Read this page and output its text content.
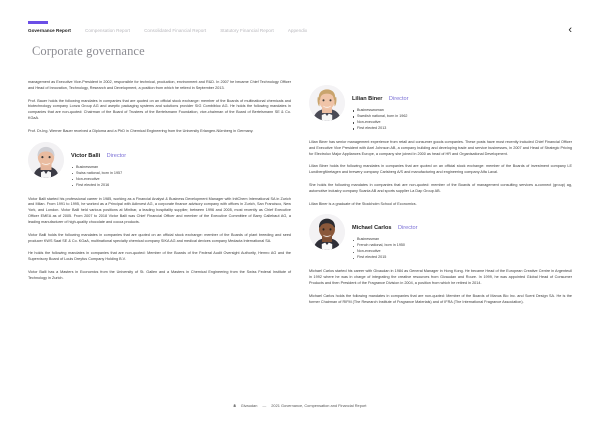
Governance Report	Compensation Report	Consolidated Financial Report	Statutory Financial Report	Appendix	‹
Corporate governance

management as Executive Vice-President in 2002, responsible for technical, production, environment and R&D. In 2007 he became Chief Technology Officer and Head of Innovation, Technology, Research and Development, a position from which he retired in September 2013.

Prof. Bauer holds the following mandates in companies that are quoted on an official stock exchange: member of the Boards of multinational chemicals and biotechnology company Lonza Group AG and aseptic packaging systems and solutions provider SIG Combibloc AG. He holds the following mandates in companies that are non-quoted: Chairman of the Board of Trustees of the Bertelsmann Foundation, vice-chairman of the Board of Bertelsmann SE & Co. KGaA.

Prof. Dr-Ing. Werner Bauer received a Diploma and a PhD in Chemical Engineering from the University Erlangen-Nürnberg in Germany.

Victor Balli Director
Businessman
Swiss national, born in 1957
Non-executive
First elected in 2016

Victor Balli started his professional career in 1985, working as a Financial Analyst & Business Development Manager with InitChem International SA in Zurich and Milan. From 1991 to 1995, he worked as a Principal with Adinvest AG, a corporate finance advisory company with offices in Zurich, San Francisco, New York, and London. Victor Balli held various positions at Minibar, a leading hospitality supplier, between 1996 and 2005, most recently as Chief Executive Officer EMEA as of 2005. From 2007 to 2018 Victor Balli was Chief Financial Officer and member of the Executive Committee of Barry Callebaut AG, a leading manufacturer of high-quality chocolate and cocoa products.

Victor Balli holds the following mandates in companies that are quoted on an official stock exchange: member of the Boards of plant breeding and seed producer KWS Saat SE & Co. KGaA, multinational specialty chemical company SIKA AG and medical devices company Medacta International SA.

He holds the following mandates in companies that are non-quoted: Member of the Boards of the Federal Audit Oversight Authority, Hemro AG and the Supervisory Board of Louis Dreyfus Company Holding B.V.

Victor Balli has a Masters in Economics from the University of St. Gallen and a Masters in Chemical Engineering from the Swiss Federal Institute of Technology in Zurich.

Lilian Biner Director
Businesswoman
Swedish national, born in 1962
Non-executive
First elected 2013

Lilian Biner has senior management experience from retail and consumer goods companies. These posts have most recently included Chief Financial Officer and Executive Vice President with Axel Johnson AB, a company building and developing trade and service businesses, in 2007 and Head of Strategic Pricing for Electrolux Major Appliances Europe, a company she joined in 2000 as head of HR and Organisational Development.

Lilian Biner holds the following mandates in companies that are quoted on an official stock exchange: member of the Boards of investment company LE Lundbergföretagen and brewery company Carlsberg A/S and manufacturing and engineering company Alfa Laval.

She holds the following mandates in companies that are non-quoted: member of the Boards of management consulting services a-connect (group) ag, automotive industry company Scania AB and sports supplier La Dap Group AB.

Lilian Biner is a graduate of the Stockholm School of Economics.

Michael Carlos Director
Businessman
French national, born in 1950
Non-executive
First elected 2015

Michael Carlos started his career with Givaudan in 1984 as General Manager in Hong Kong. He became Head of the European Creative Centre in Argenteuil in 1992 where he was in charge of integrating the creative resources from Givaudan and Roure. In 1999, he was appointed Global Head of Consumer Products and then President of the Fragrance Division in 2004, a position from which he retired in 2014.

Michael Carlos holds the following mandates in companies that are non-quoted: Member of the Boards of Manus Bio Inc. and Scent Design SA. He is the former Chairman of RIFM (The Research Institute of Fragrance Materials) and of IFRA (The International Fragrance Association).

8 Givaudan — 2021 Governance, Compensation and Financial Report
